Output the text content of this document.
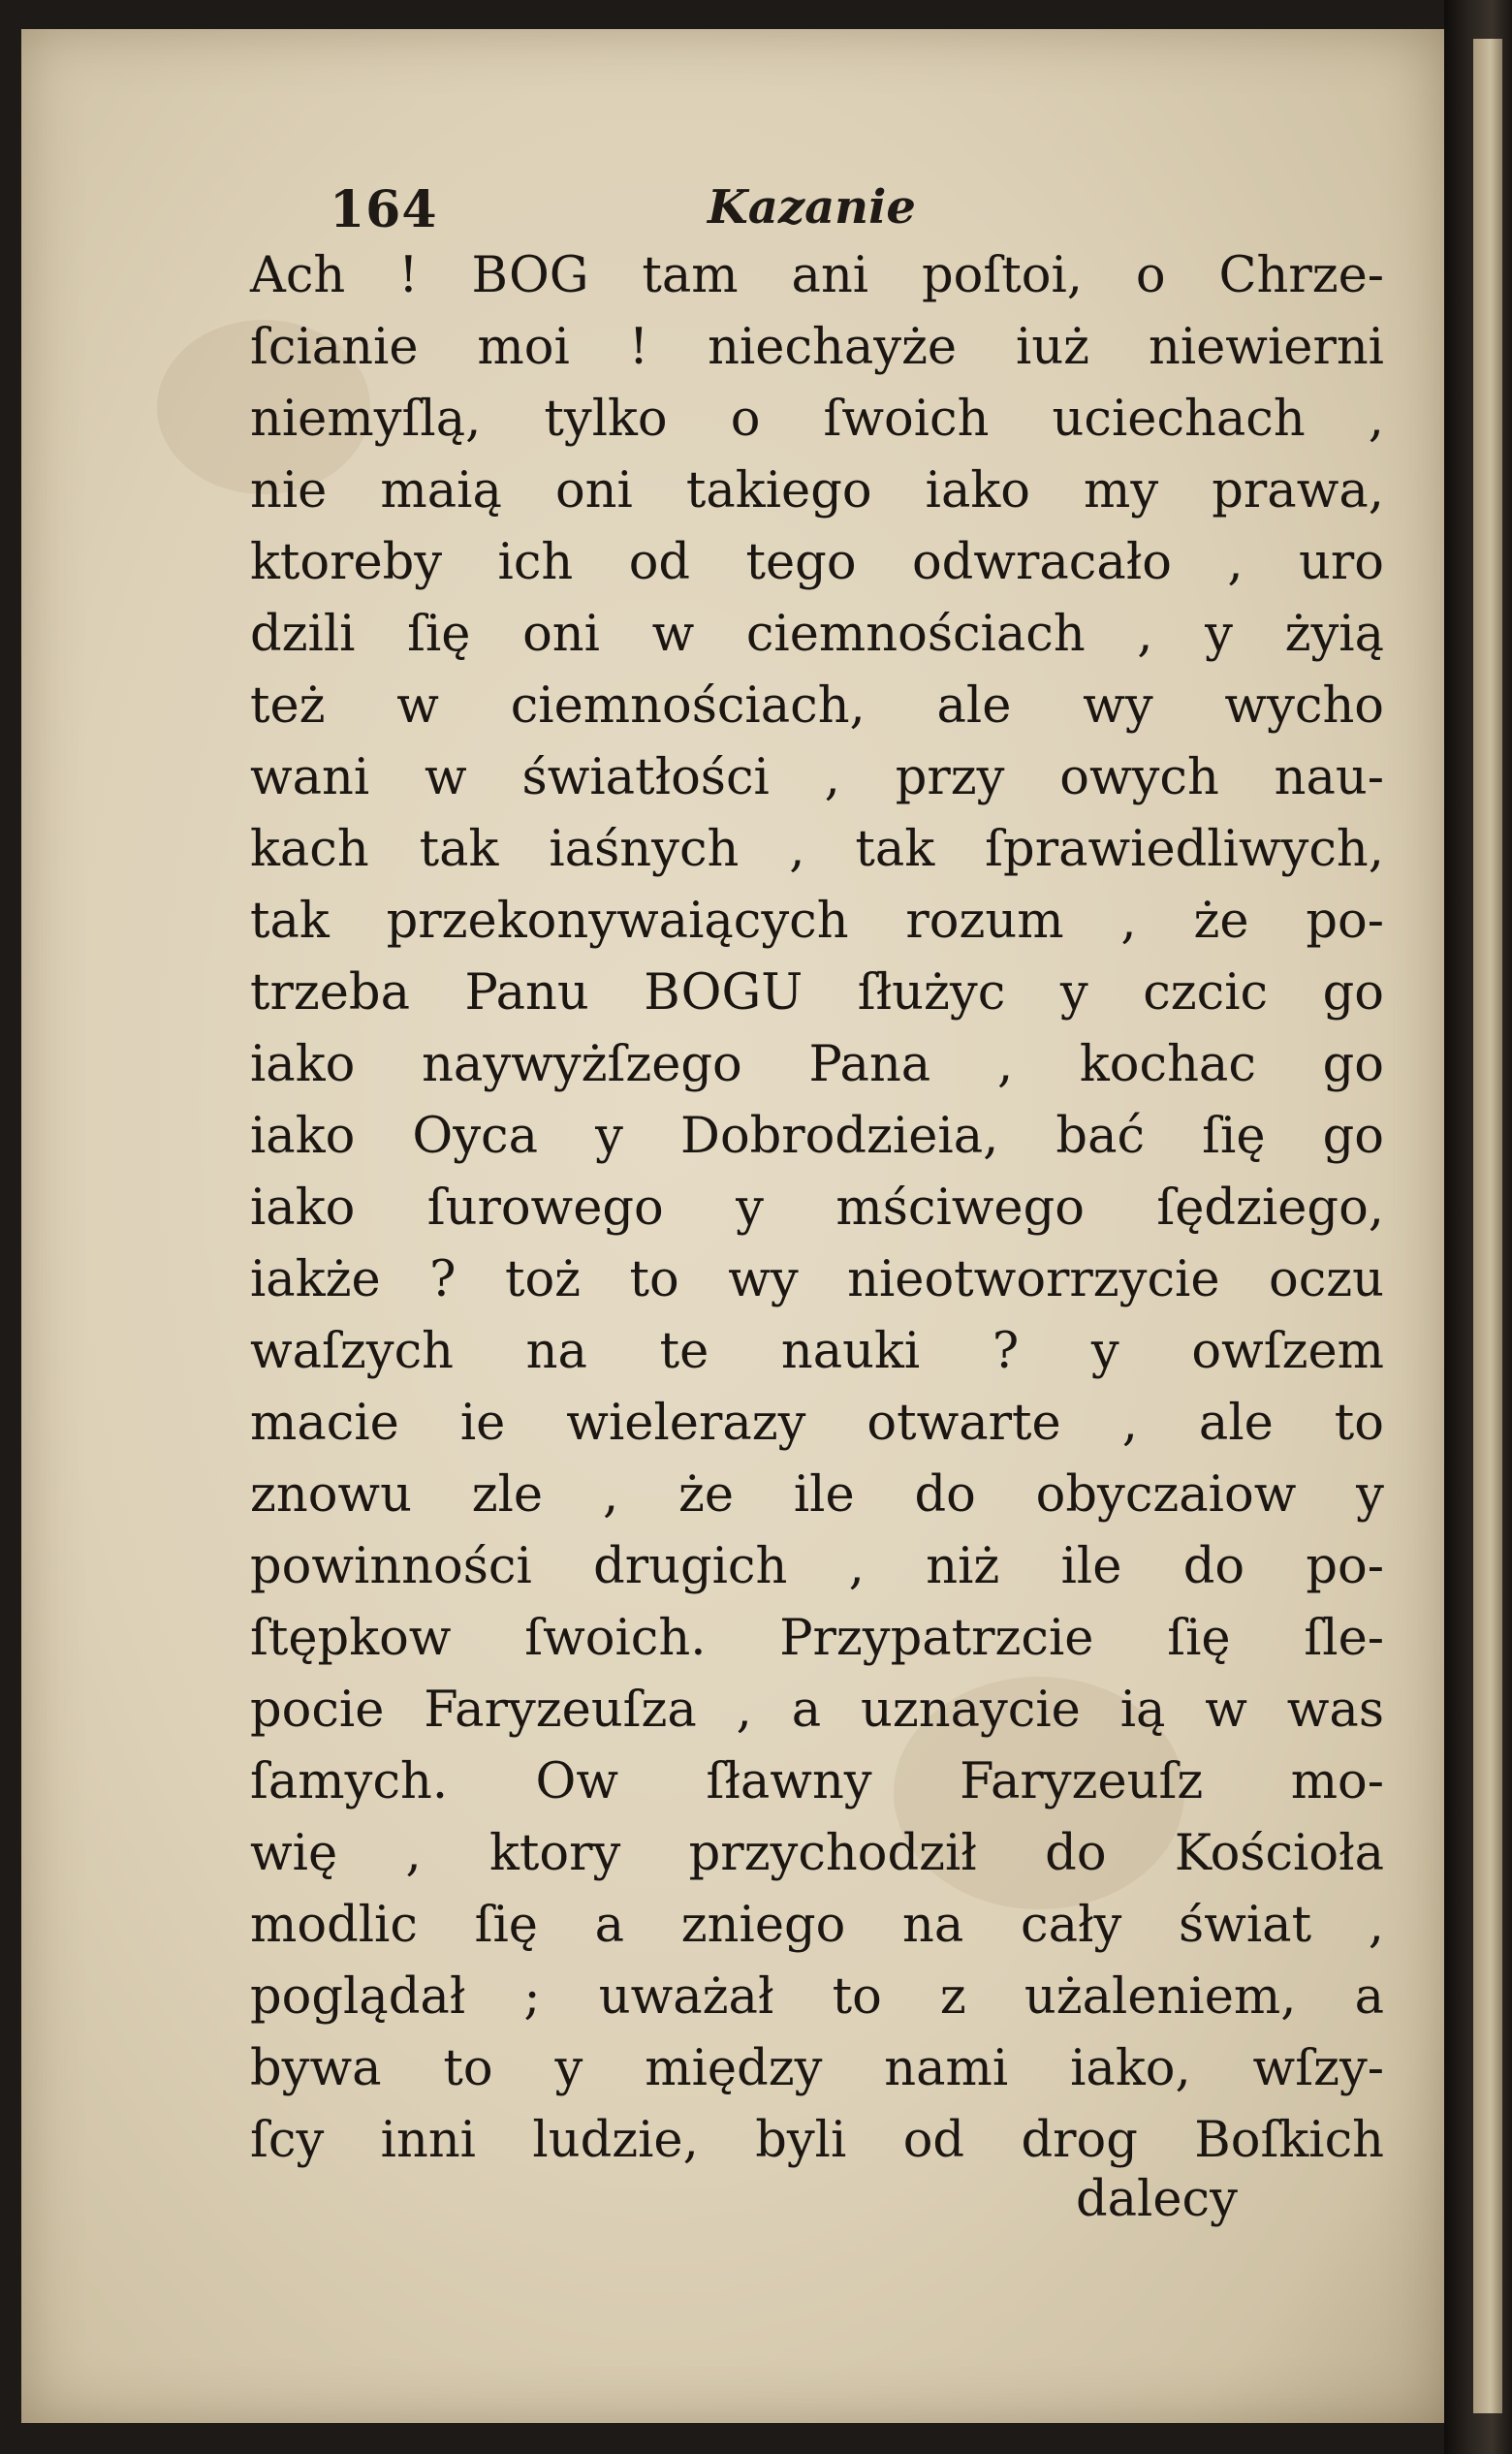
164	Kazanie
Ach ! BOG tam ani poſtoi, o Chrze-
ſcianie moi ! niechayże iuż niewierni
niemyſlą, tylko o ſwoich uciechach ,
nie maią oni takiego iako my prawa,
ktoreby ich od tego odwracało , uro
dzili ſię oni w ciemnościach , y żyią
też w ciemnościach, ale wy wycho
wani w światłości , przy owych nau-
kach tak iaśnych , tak ſprawiedliwych,
tak przekonywaiących rozum , że po-
trzeba Panu BOGU ſłużyc y czcic go
iako naywyżſzego Pana , kochac go
iako Oyca y Dobrodzieia, bać ſię go
iako ſurowego y mściwego ſędziego,
iakże ? toż to wy nieotworrzycie oczu
waſzych na te nauki ? y owſzem
macie ie wielerazy otwarte , ale to
znowu zle , że ile do obyczaiow y
powinności drugich , niż ile do po-
ſtępkow ſwoich. Przypatrzcie ſię ſle-
pocie Faryzeuſza , a uznaycie ią w was
ſamych. Ow ſławny Faryzeuſz mo-
wię , ktory przychodził do Kościoła
modlic ſię a zniego na cały świat ,
poglądał ; uważał to z użaleniem, a
bywa to y między nami iako, wſzy-
ſcy inni ludzie, byli od drog Boſkich
dalecy
